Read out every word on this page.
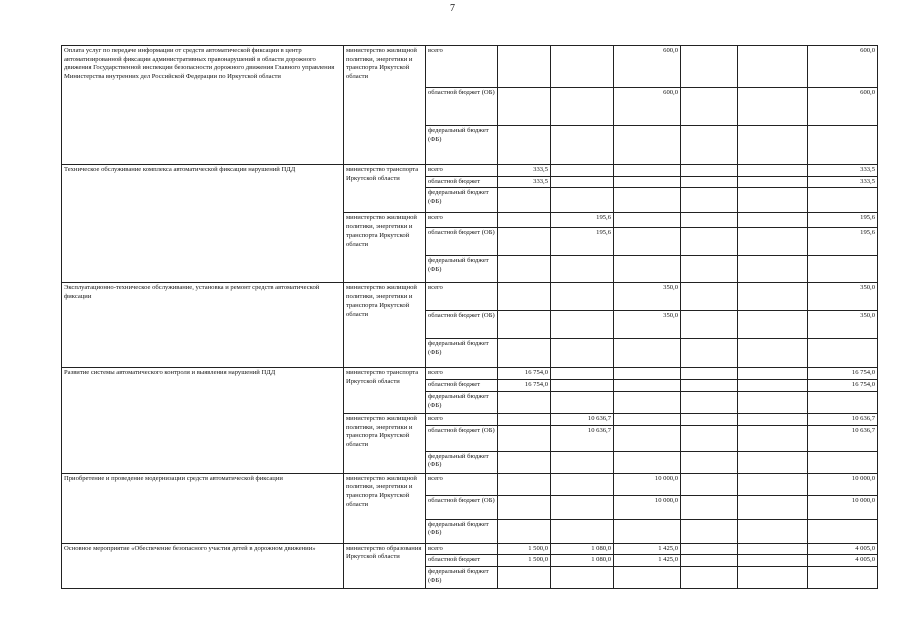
7
Оплата услуг по передаче информации от средств автоматической фиксации в центр автоматизированной фиксации административных правонарушений в области дорожного движения Государственной инспекции безопасности дорожного движения Главного управления Министерства внутренних дел Российской Федерации по Иркутской области	министерство жилищной политики, энергетики и транспорта Иркутской области	всего			600,0			600,0
		областной бюджет (ОБ)			600,0			600,0
		федеральный бюджет (ФБ)						
Техническое обслуживание комплекса автоматической фиксации нарушений ПДД	министерство транспорта Иркутской области	всего	333,5					333,5
		областной бюджет	333,5					333,5
		федеральный бюджет (ФБ)						
	министерство жилищной политики, энергетики и транспорта Иркутской области	всего		195,6				195,6
		областной бюджет (ОБ)		195,6				195,6
		федеральный бюджет (ФБ)						
Эксплуатационно-техническое обслуживание, установка и ремонт средств автоматической фиксации	министерство жилищной политики, энергетики и транспорта Иркутской области	всего			350,0			350,0
		областной бюджет (ОБ)			350,0			350,0
		федеральный бюджет (ФБ)						
Развитие системы автоматического контроля и выявления нарушений ПДД	министерство транспорта Иркутской области	всего	16 754,0					16 754,0
		областной бюджет	16 754,0					16 754,0
		федеральный бюджет (ФБ)						
	министерство жилищной политики, энергетики и транспорта Иркутской области	всего		10 636,7				10 636,7
		областной бюджет (ОБ)		10 636,7				10 636,7
		федеральный бюджет (ФБ)						
Приобретение и проведение модернизации средств автоматической фиксации	министерство жилищной политики, энергетики и транспорта Иркутской области	всего			10 000,0			10 000,0
		областной бюджет (ОБ)			10 000,0			10 000,0
		федеральный бюджет (ФБ)						
Основное мероприятие «Обеспечение безопасного участия детей в дорожном движении»	министерство образования Иркутской области	всего	1 500,0	1 080,0	1 425,0			4 005,0
		областной бюджет	1 500,0	1 080,0	1 425,0			4 005,0
		федеральный бюджет (ФБ)						
